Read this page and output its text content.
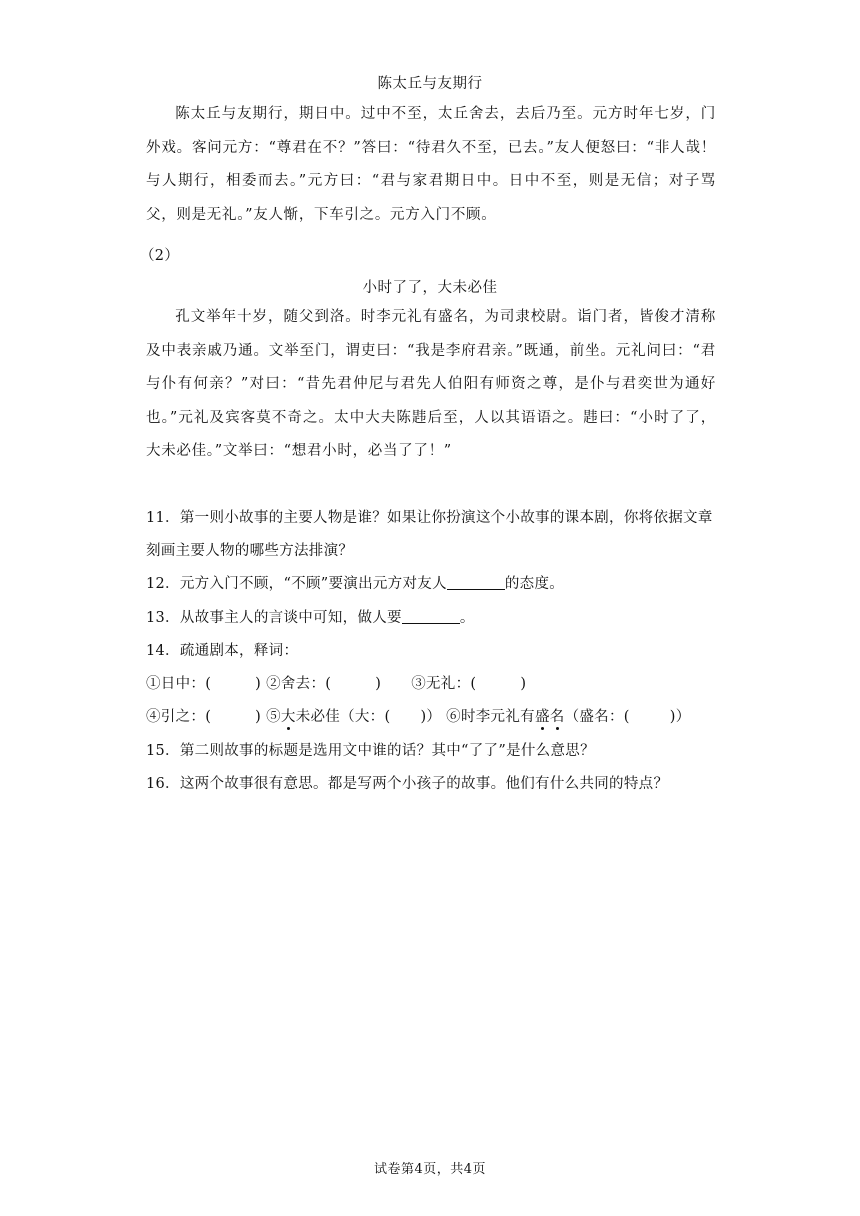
陈太丘与友期行
陈太丘与友期行，期日中。过中不至，太丘舍去，去后乃至。元方时年七岁，门外戏。客问元方：“尊君在不？”答曰：“待君久不至，已去。”友人便怒曰：“非人哉！与人期行，相委而去。”元方曰：“君与家君期日中。日中不至，则是无信；对子骂父，则是无礼。”友人惭，下车引之。元方入门不顾。
（2）
小时了了，大未必佳
孔文举年十岁，随父到洛。时李元礼有盛名，为司隶校尉。诣门者，皆俊才清称及中表亲戚乃通。文举至门，谓吏曰：“我是李府君亲。”既通，前坐。元礼问曰：“君与仆有何亲？”对曰：“昔先君仲尼与君先人伯阳有师资之尊，是仆与君奕世为通好也。”元礼及宾客莫不奇之。太中大夫陈韪后至，人以其语语之。韪曰：“小时了了，大未必佳。”文举曰：“想君小时，必当了了！”
11．第一则小故事的主要人物是谁？如果让你扮演这个小故事的课本剧，你将依据文章
刻画主要人物的哪些方法排演？
12．元方入门不顾，“不顾”要演出元方对友人	的态度。
13．从故事主人的言谈中可知，做人要	。
14．疏通剧本，释词：
①日中：(	) ②舍去：(	) ③无礼：(	)
④引之：(	) ⑤大未必佳（大：( )） ⑥时李元礼有盛名（盛名：(	)）
15．第二则故事的标题是选用文中谁的话？其中“了了”是什么意思？
16．这两个故事很有意思。都是写两个小孩子的故事。他们有什么共同的特点？
试卷第4页，共4页
